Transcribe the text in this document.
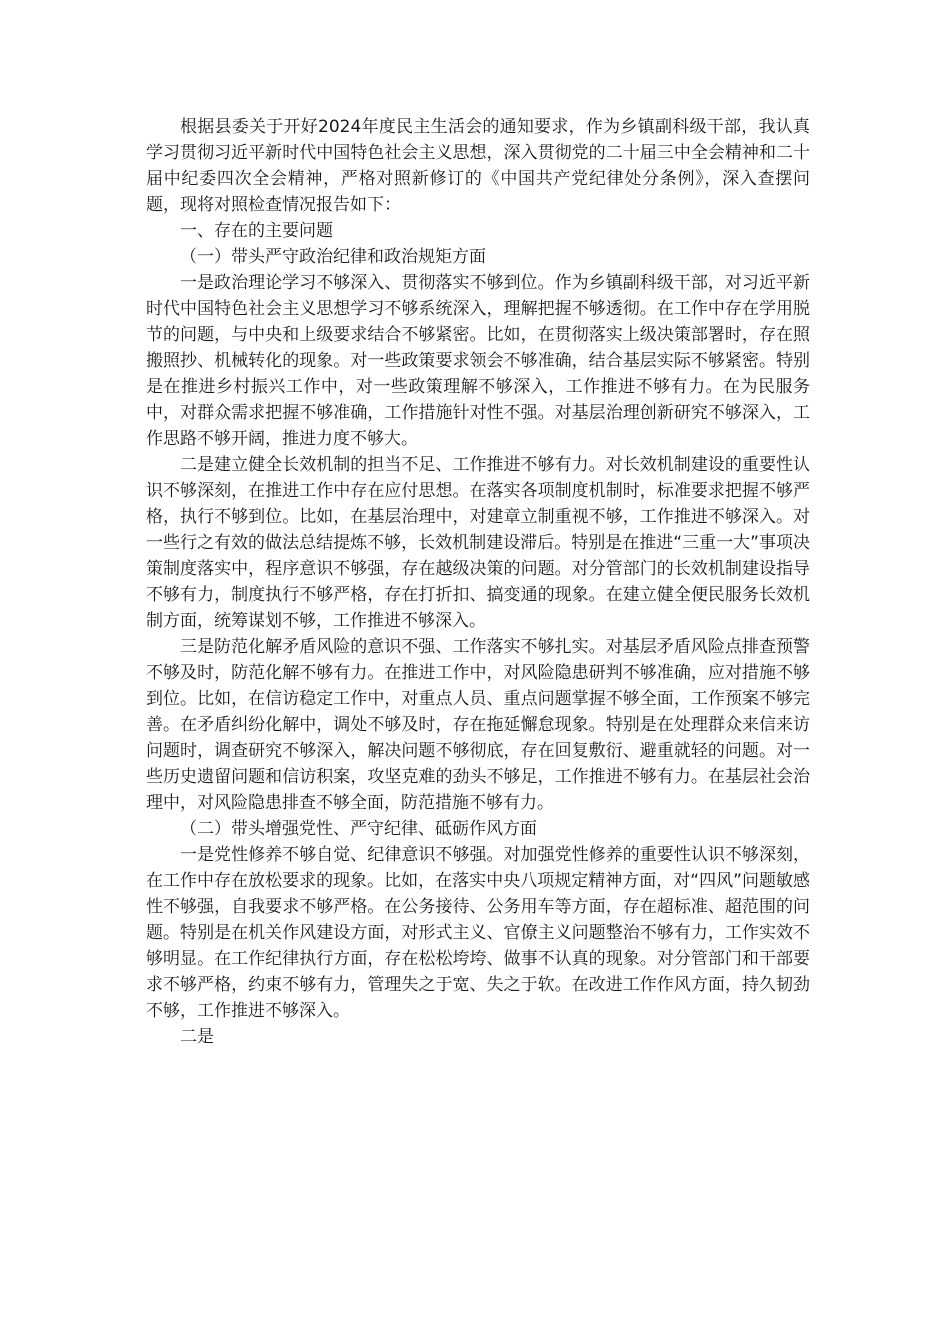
根据县委关于开好2024年度民主生活会的通知要求，作为乡镇副科级干部，我认真学习贯彻习近平新时代中国特色社会主义思想，深入贯彻党的二十届三中全会精神和二十届中纪委四次全会精神，严格对照新修订的《中国共产党纪律处分条例》，深入查摆问题，现将对照检查情况报告如下：

一、存在的主要问题

（一）带头严守政治纪律和政治规矩方面

一是政治理论学习不够深入、贯彻落实不够到位。作为乡镇副科级干部，对习近平新时代中国特色社会主义思想学习不够系统深入，理解把握不够透彻。在工作中存在学用脱节的问题，与中央和上级要求结合不够紧密。比如，在贯彻落实上级决策部署时，存在照搬照抄、机械转化的现象。对一些政策要求领会不够准确，结合基层实际不够紧密。特别是在推进乡村振兴工作中，对一些政策理解不够深入，工作推进不够有力。在为民服务中，对群众需求把握不够准确，工作措施针对性不强。对基层治理创新研究不够深入，工作思路不够开阔，推进力度不够大。

二是建立健全长效机制的担当不足、工作推进不够有力。对长效机制建设的重要性认识不够深刻，在推进工作中存在应付思想。在落实各项制度机制时，标准要求把握不够严格，执行不够到位。比如，在基层治理中，对建章立制重视不够，工作推进不够深入。对一些行之有效的做法总结提炼不够，长效机制建设滞后。特别是在推进“三重一大”事项决策制度落实中，程序意识不够强，存在越级决策的问题。对分管部门的长效机制建设指导不够有力，制度执行不够严格，存在打折扣、搞变通的现象。在建立健全便民服务长效机制方面，统筹谋划不够，工作推进不够深入。

三是防范化解矛盾风险的意识不强、工作落实不够扎实。对基层矛盾风险点排查预警不够及时，防范化解不够有力。在推进工作中，对风险隐患研判不够准确，应对措施不够到位。比如，在信访稳定工作中，对重点人员、重点问题掌握不够全面，工作预案不够完善。在矛盾纠纷化解中，调处不够及时，存在拖延懈怠现象。特别是在处理群众来信来访问题时，调查研究不够深入，解决问题不够彻底，存在回复敷衍、避重就轻的问题。对一些历史遗留问题和信访积案，攻坚克难的劲头不够足，工作推进不够有力。在基层社会治理中，对风险隐患排查不够全面，防范措施不够有力。

（二）带头增强党性、严守纪律、砥砺作风方面

一是党性修养不够自觉、纪律意识不够强。对加强党性修养的重要性认识不够深刻，在工作中存在放松要求的现象。比如，在落实中央八项规定精神方面，对“四风”问题敏感性不够强，自我要求不够严格。在公务接待、公务用车等方面，存在超标准、超范围的问题。特别是在机关作风建设方面，对形式主义、官僚主义问题整治不够有力，工作实效不够明显。在工作纪律执行方面，存在松松垮垮、做事不认真的现象。对分管部门和干部要求不够严格，约束不够有力，管理失之于宽、失之于软。在改进工作作风方面，持久韧劲不够，工作推进不够深入。

二是
